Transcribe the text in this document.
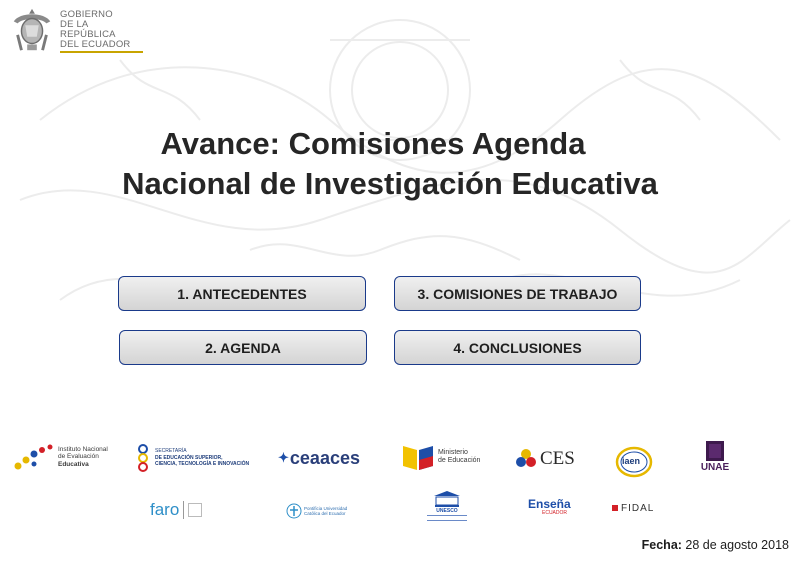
GOBIERNO
DE LA REPÚBLICA
DEL ECUADOR
Avance: Comisiones Agenda
Nacional de Investigación Educativa
1. ANTECEDENTES
2. AGENDA
3. COMISIONES DE TRABAJO
4. CONCLUSIONES
Instituto Nacional
de Evaluación
Educativa
SECRETARÍA
DE EDUCACIÓN SUPERIOR,
CIENCIA, TECNOLOGÍA E INNOVACIÓN ✦ ceaaces	Ministerio
de Educación	CES	iaen
UNAE
faro	Pontificia Universidad
Católica del Ecuador	UNESCO	Enseña
ECUADOR	FIDAL
Fecha: 28 de agosto 2018
